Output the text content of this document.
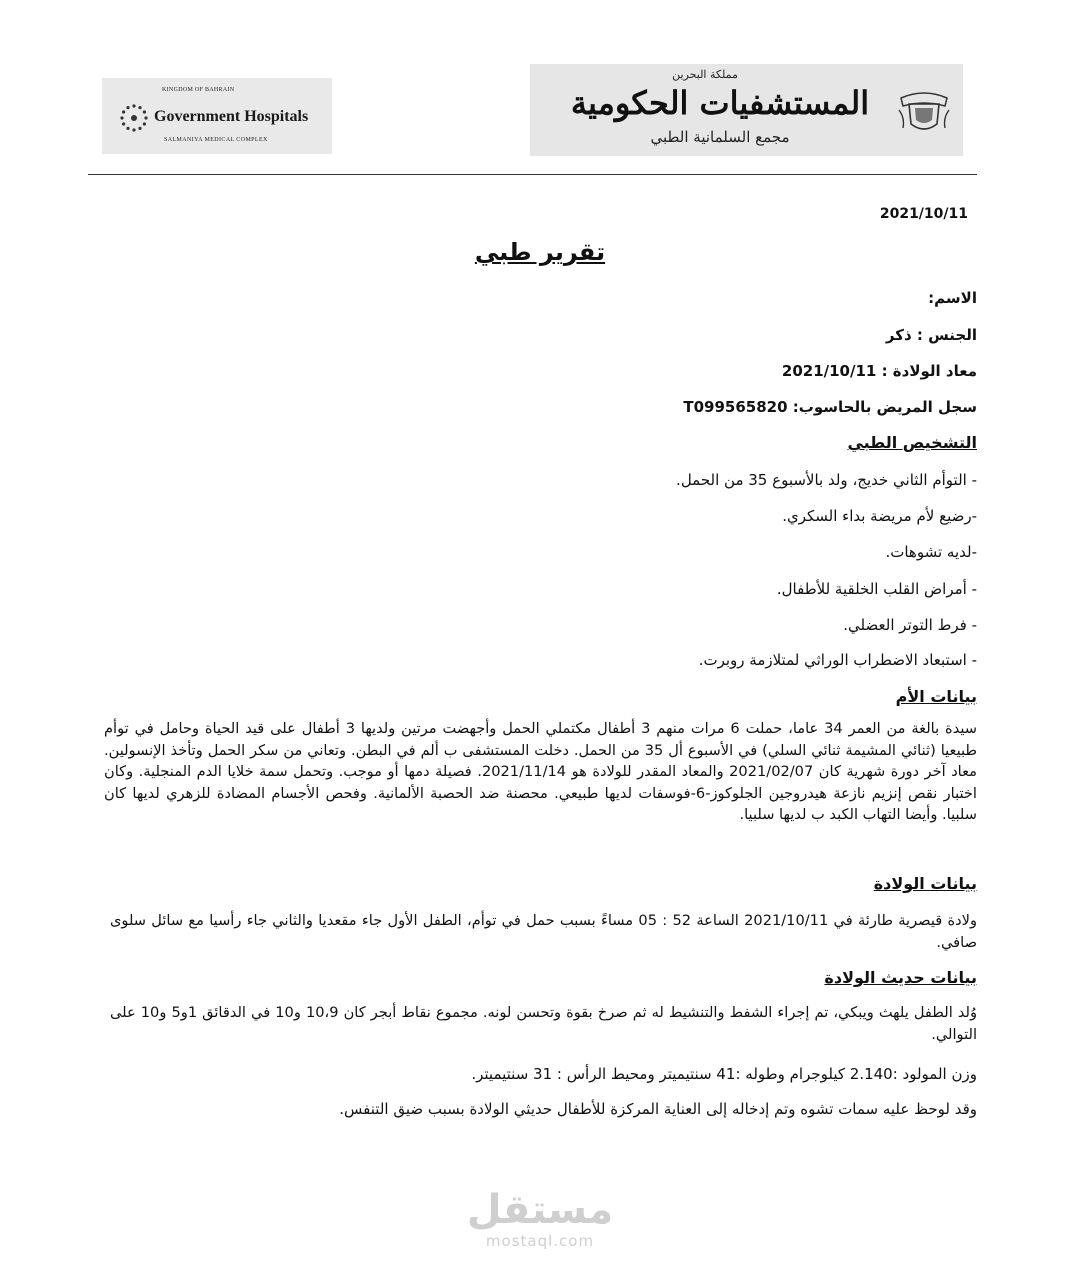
KINGDOM OF BAHRAIN
Government Hospitals
SALMANIYA MEDICAL COMPLEX
مملكة البحرين
المستشفيات الحكومية
مجمع السلمانية الطبي
2021/10/11
تقرير طبي
الاسم:
الجنس : ذكر
معاد الولادة : 2021/10/11
سجل المريض بالحاسوب: T099565820
التشخيص الطبي
- التوأم الثاني خديج، ولد بالأسبوع 35 من الحمل.
-رضيع لأم مريضة بداء السكري.
-لديه تشوهات.
- أمراض القلب الخلقية للأطفال.
- فرط التوتر العضلي.
- استبعاد الاضطراب الوراثي لمتلازمة روبرت.
بيانات الأم
سيدة بالغة من العمر 34 عاما، حملت 6 مرات منهم 3 أطفال مكتملي الحمل وأجهضت مرتين ولديها 3 أطفال على قيد الحياة وحامل في توأم طبيعيا (ثنائي المشيمة ثنائي السلي) في الأسبوع أل 35 من الحمل. دخلت المستشفى ب ألم في البطن. وتعاني من سكر الحمل وتأخذ الإنسولين. معاد آخر دورة شهرية كان 2021/02/07 والمعاد المقدر للولادة هو 2021/11/14. فصيلة دمها أو موجب. وتحمل سمة خلايا الدم المنجلية. وكان اختبار نقص إنزيم نازعة هيدروجين الجلوكوز-6-فوسفات لديها طبيعي. محصنة ضد الحصبة الألمانية. وفحص الأجسام المضادة للزهري لديها كان سلبيا. وأيضا التهاب الكبد ب لديها سلبيا.
بيانات الولادة
ولادة قيصرية طارئة في 2021/10/11 الساعة 52 : 05 مساءً بسبب حمل في توأم، الطفل الأول جاء مقعديا والثاني جاء رأسيا مع سائل سلوى صافي.
بيانات حديث الولادة
وُلد الطفل يلهث ويبكي، تم إجراء الشفط والتنشيط له ثم صرخ بقوة وتحسن لونه. مجموع نقاط أبجر كان 10،9 و10 في الدقائق 1و5 و10 على التوالي.
وزن المولود :2.140 كيلوجرام وطوله :41 سنتيميتر ومحيط الرأس : 31 سنتيميتر.
وقد لوحظ عليه سمات تشوه وتم إدخاله إلى العناية المركزة للأطفال حديثي الولادة بسبب ضيق التنفس.
مستقل
mostaql.com
